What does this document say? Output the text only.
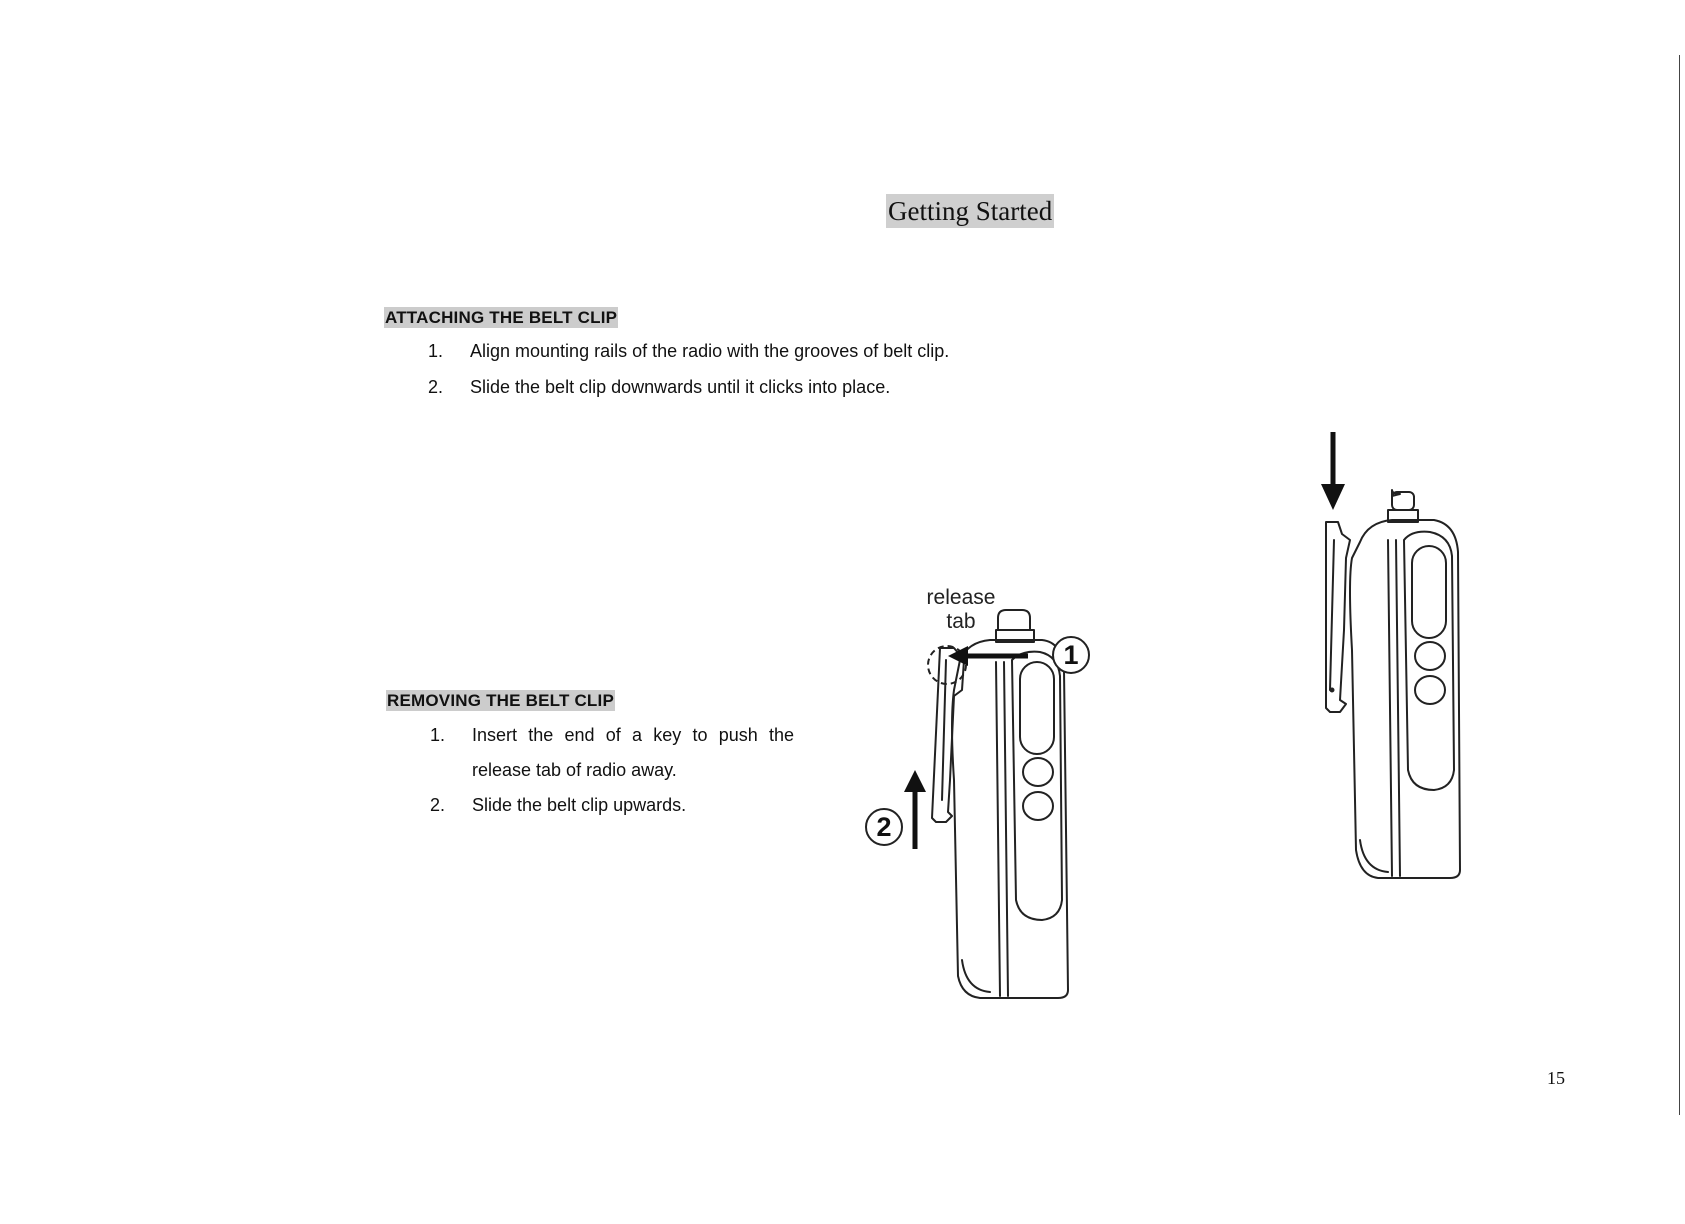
Getting Started
ATTACHING THE BELT CLIP
1. Align mounting rails of the radio with the grooves of belt clip.
2. Slide the belt clip downwards until it clicks into place.
REMOVING THE BELT CLIP
1. Insert the end of a key to push the
release tab of radio away.
2. Slide the belt clip upwards.
release
tab
1
2
15
